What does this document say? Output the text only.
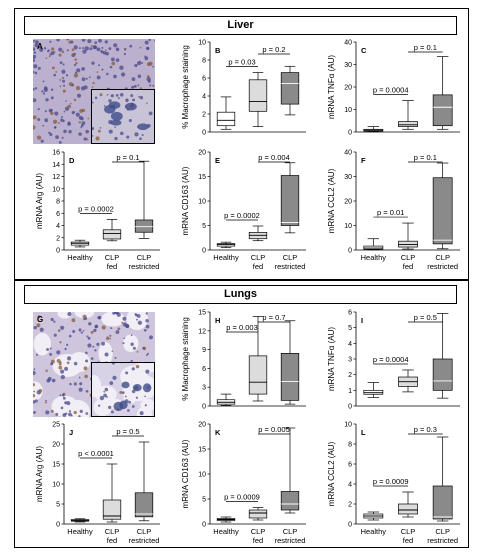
Liver
Lungs
A
G
0
2
4
6
8
10
% Macrophage staining	B
p = 0.03
p = 0.2
0
10
20
30
40
mRNA TNFα (AU)
C
p = 0.0004
p = 0.1
0
2
4
6
8
10
12
14
16
mRNA Arg (AU)
D
p = 0.0002
p = 0.1
Healthy CLP
fed
CLP
restricted
0
5
10
15
20
mRNA CD163 (AU)
E
p = 0.0002
p = 0.004
Healthy CLP
fed
CLP
restricted
0
10
20
30
40
mRNA CCL2 (AU)
F
p = 0.01
p = 0.1
Healthy CLP
fed
CLP
restricted
0
3
6
9
12
15
% Macrophage staining	H
p = 0.003
p = 0.7
0
1
2
3
4
5
6
mRNA TNFα (AU)
I
p = 0.0004
p = 0.5
0
5
10
15
20
25
mRNA Arg (AU)
J
p < 0.0001
p = 0.5
Healthy CLP
fed
CLP
restricted
0
5
10
15
20
mRNA CD163 (AU)
K
p = 0.0009
p = 0.005
Healthy CLP
fed
CLP
restricted
0
2
4
6
8
10
mRNA CCL2 (AU)
L
p = 0.0009
p = 0.3
Healthy CLP
fed
CLP
restricted
